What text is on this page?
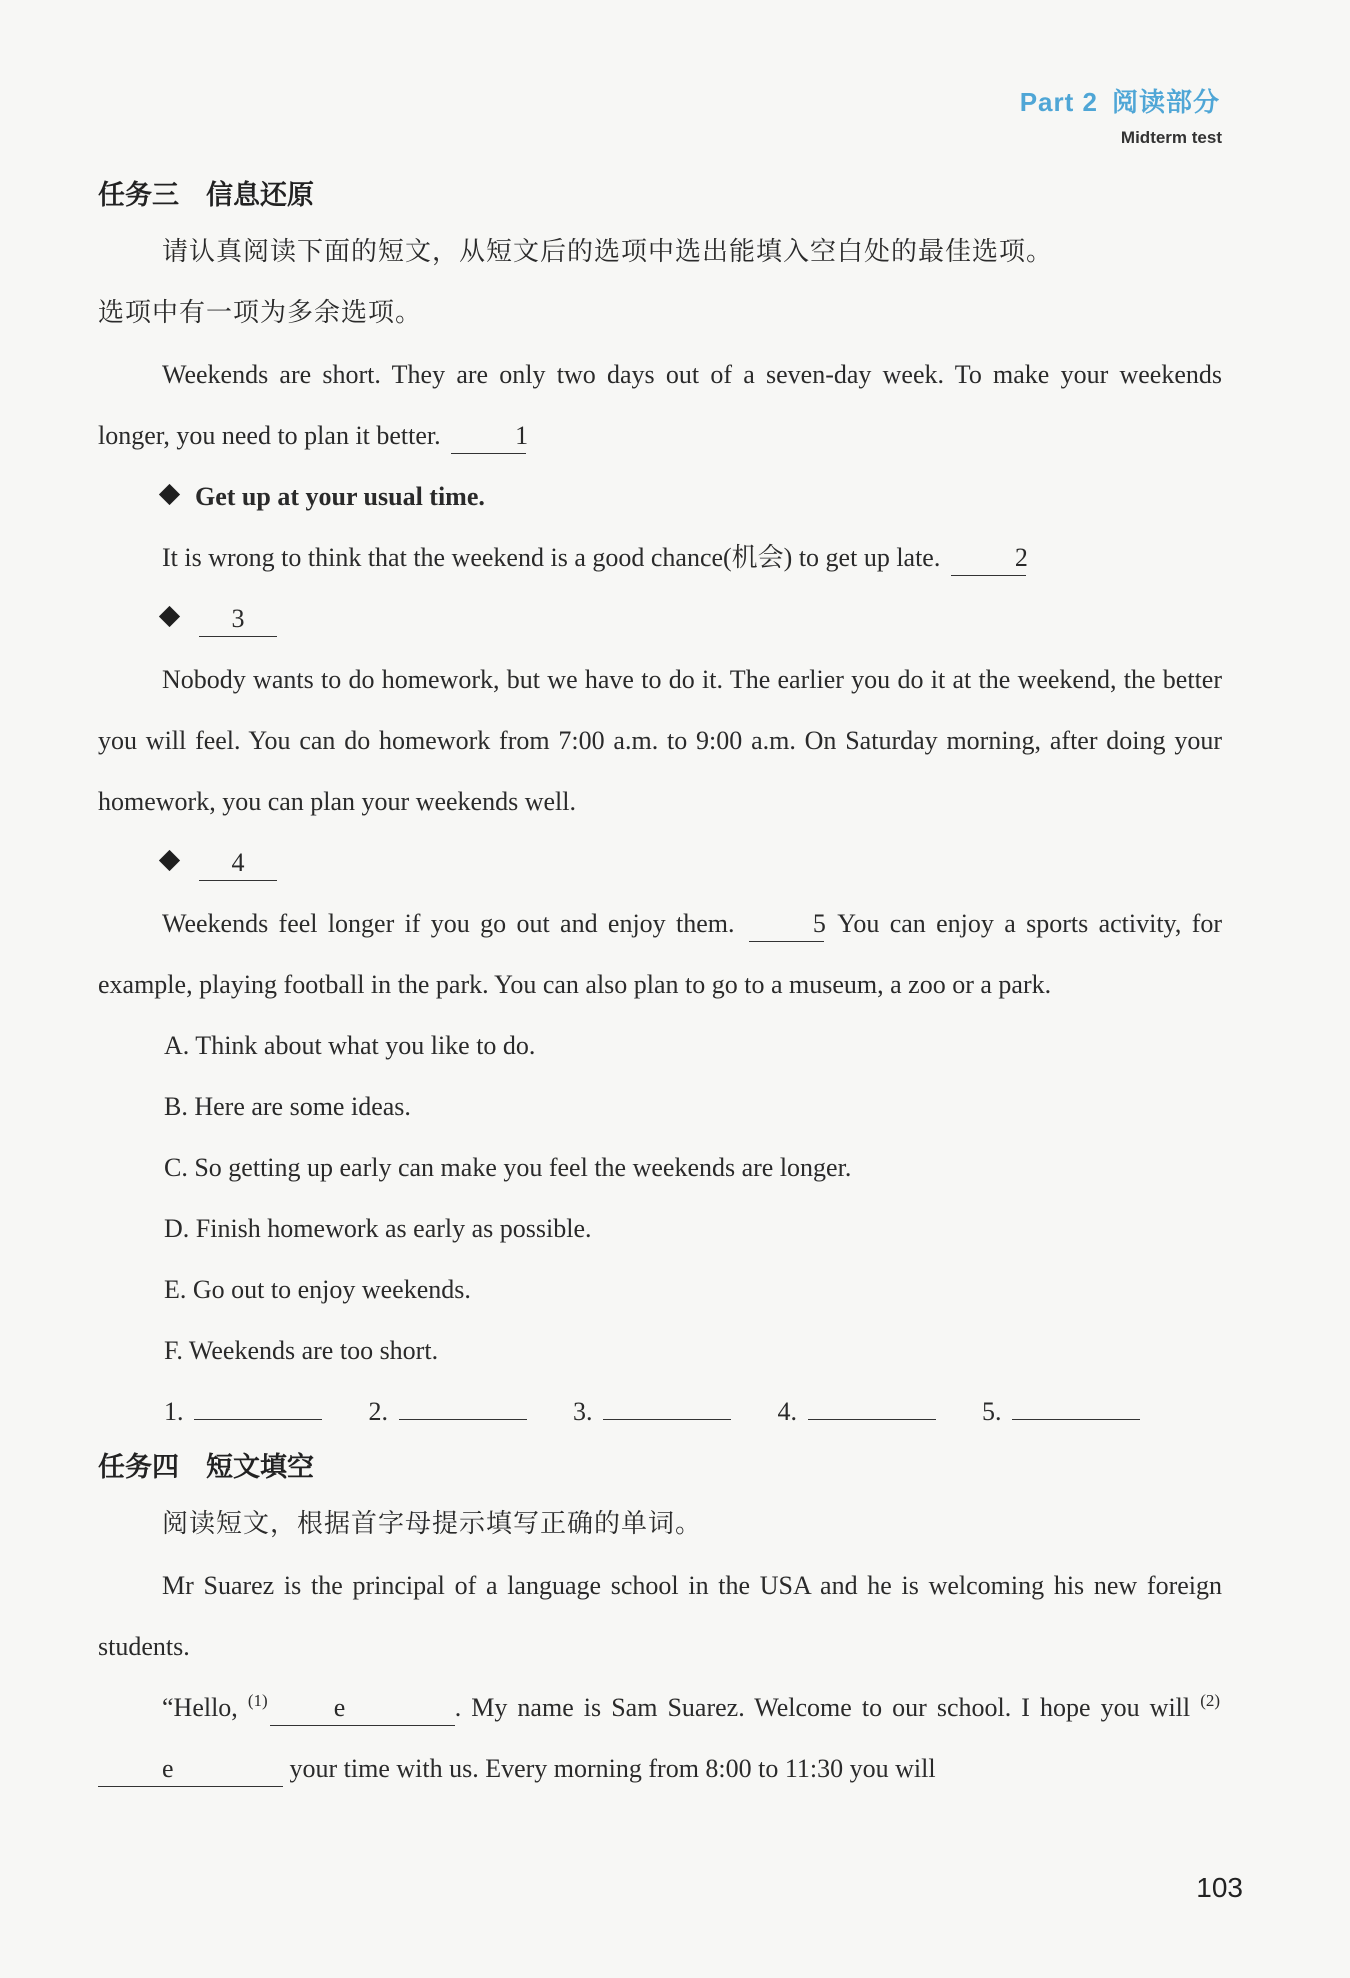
Part 2 阅读部分
Midterm test
任务三　信息还原

请认真阅读下面的短文，从短文后的选项中选出能填入空白处的最佳选项。

选项中有一项为多余选项。

Weekends are short. They are only two days out of a seven-day week. To make your weekends longer, you need to plan it better.	1

Get up at your usual time.

It is wrong to think that the weekend is a good chance(机会) to get up late.	2

3

Nobody wants to do homework, but we have to do it. The earlier you do it at the weekend, the better you will feel. You can do homework from 7:00 a.m. to 9:00 a.m. On Saturday morning, after doing your homework, you can plan your weekends well.

4

Weekends feel longer if you go out and enjoy them.	5 You can enjoy a sports activity, for example, playing football in the park. You can also plan to go to a museum, a zoo or a park.

A. Think about what you like to do.

B. Here are some ideas.

C. So getting up early can make you feel the weekends are longer.

D. Finish homework as early as possible.

E. Go out to enjoy weekends.

F. Weekends are too short.

1.	2.	3.	4.	5.

任务四　短文填空

阅读短文，根据首字母提示填写正确的单词。

Mr Suarez is the principal of a language school in the USA and he is welcoming his new foreign students.

“Hello, $^{(1)}$	e	. My name is Sam Suarez. Welcome to our school. I hope you will $^{(2)}$e	your time with us. Every morning from 8:00 to 11:30 you will

103
